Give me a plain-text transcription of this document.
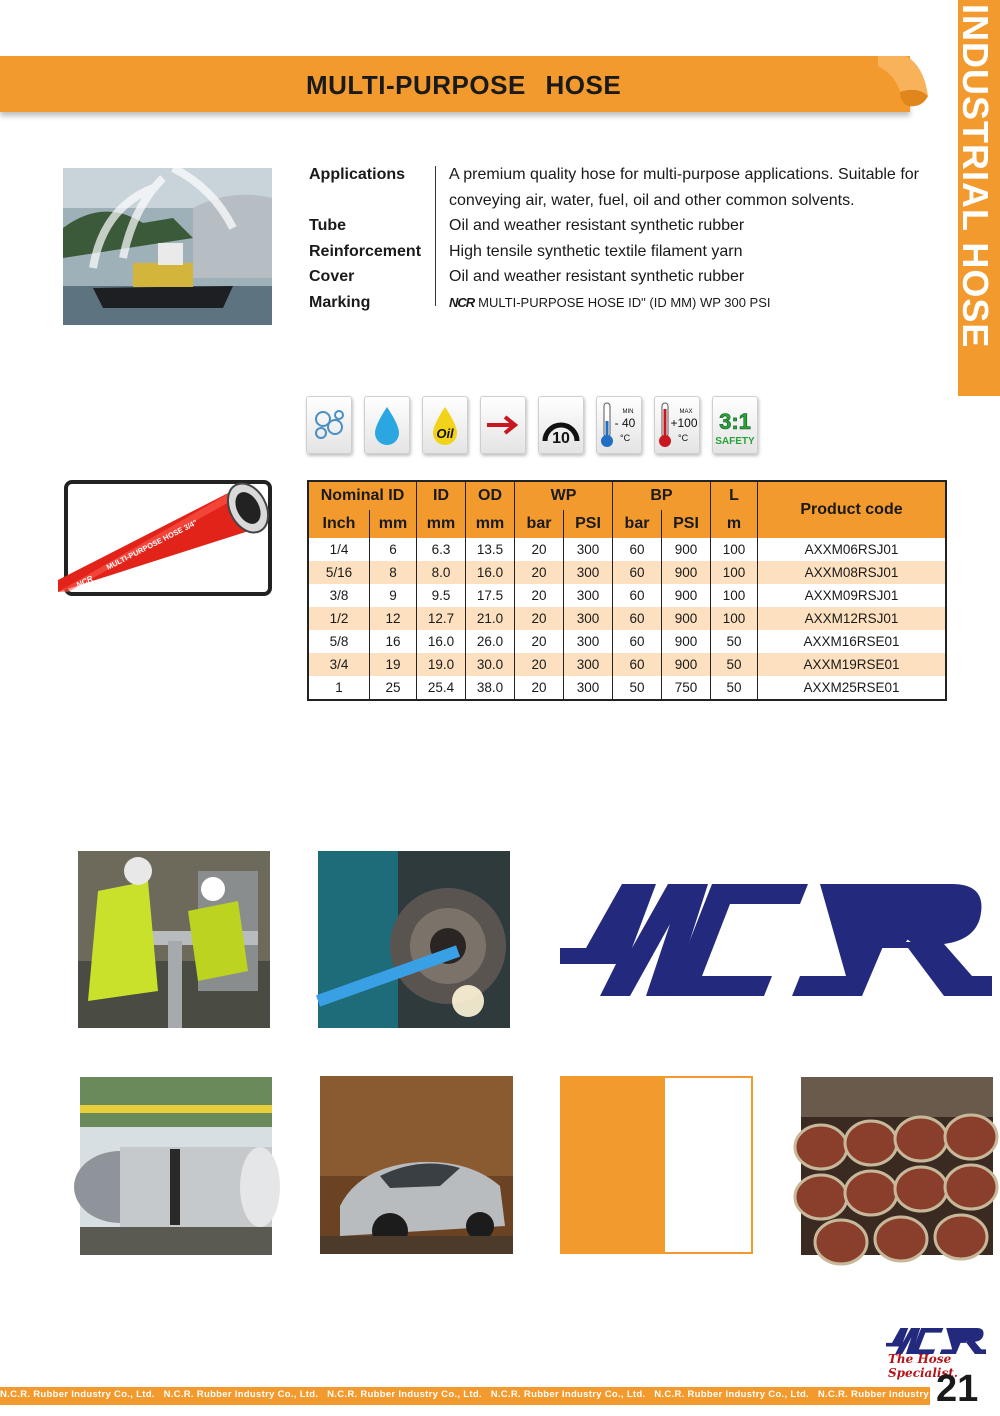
MULTI-PURPOSE HOSE	INDUSTRIAL HOSE
Applications	A premium quality hose for multi-purpose applications. Suitable for conveying air, water, fuel, oil and other common solvents.
Tube	Oil and weather resistant synthetic rubber
Reinforcement	High tensile synthetic textile filament yarn
Cover	Oil and weather resistant synthetic rubber
Marking	NCR MULTI-PURPOSE HOSE ID" (ID MM) WP 300 PSI
Oil	10
MIN
- 40
°C
MAX
+100
°C
3:1
SAFETY
MULTI-PURPOSE HOSE 3/4"
NCR
Nominal ID		ID	OD	WP		BP		L	Product code
Inch	mm	mm	mm	bar	PSI	bar	PSI	m	
1/4	6	6.3	13.5	20	300	60	900	100	AXXM06RSJ01
5/16	8	8.0	16.0	20	300	60	900	100	AXXM08RSJ01
3/8	9	9.5	17.5	20	300	60	900	100	AXXM09RSJ01
1/2	12	12.7	21.0	20	300	60	900	100	AXXM12RSJ01
5/8	16	16.0	26.0	20	300	60	900	50	AXXM16RSE01
3/4	19	19.0	30.0	20	300	60	900	50	AXXM19RSE01
1	25	25.4	38.0	20	300	50	750	50	AXXM25RSE01
The Hose Specialist.
N.C.R. Rubber Industry Co., Ltd. N.C.R. Rubber Industry Co., Ltd. N.C.R. Rubber Industry Co., Ltd. N.C.R. Rubber Industry Co., Ltd. N.C.R. Rubber Industry Co., Ltd. N.C.R. Rubber Industry Co., Ltd.
21
